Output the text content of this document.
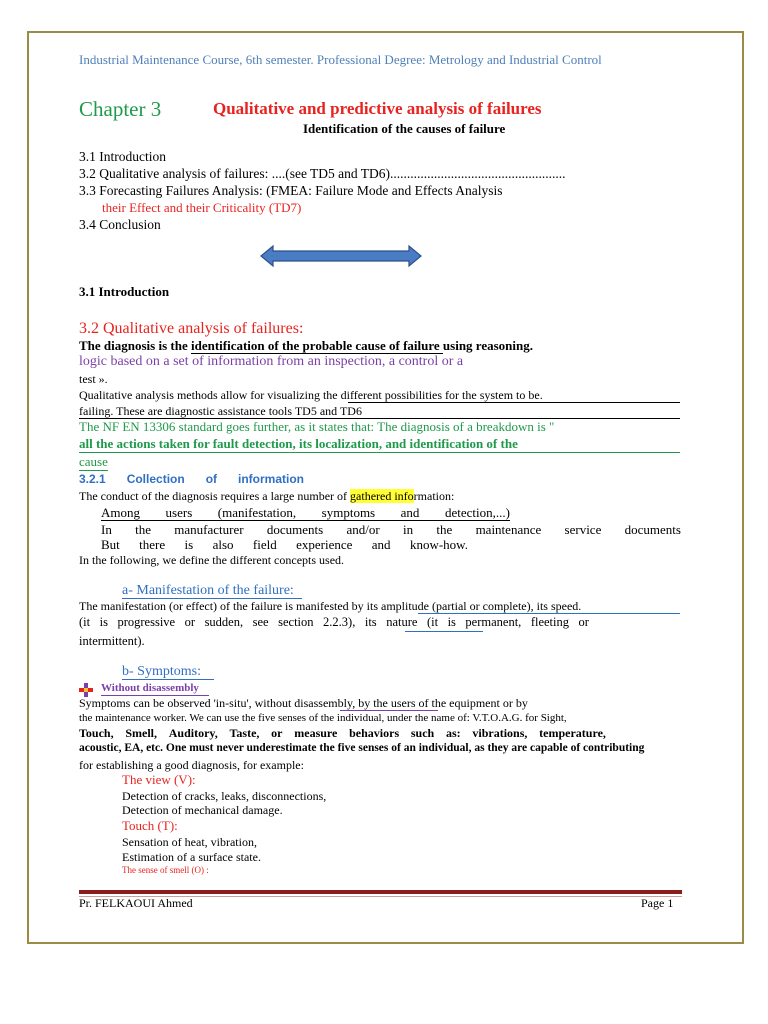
Industrial Maintenance Course, 6th semester. Professional Degree: Metrology and Industrial Control
Chapter 3	Qualitative and predictive analysis of failures
Identification of the causes of failure
3.1 Introduction
3.2 Qualitative analysis of failures: ....(see TD5 and TD6)....................................................
3.3 Forecasting Failures Analysis: (FMEA: Failure Mode and Effects Analysis
their Effect and their Criticality (TD7)
3.4 Conclusion
3.1 Introduction
3.2 Qualitative analysis of failures:
The diagnosis is the identification of the probable cause of failure using reasoning.
logic based on a set of information from an inspection, a control or a
test ».
Qualitative analysis methods allow for visualizing the different possibilities for the system to be.
failing. These are diagnostic assistance tools TD5 and TD6
The NF EN 13306 standard goes further, as it states that: The diagnosis of a breakdown is "
all the actions taken for fault detection, its localization, and identification of the
cause
3.2.1 Collection of information
The conduct of the diagnosis requires a large number of gathered information:
Among users (manifestation, symptoms and detection,...)
In the manufacturer documents and/or in the maintenance service documents
But there is also field experience and know-how.
In the following, we define the different concepts used.
a- Manifestation of the failure:
The manifestation (or effect) of the failure is manifested by its amplitude (partial or complete), its speed.
(it is progressive or sudden, see section 2.2.3), its nature (it is permanent, fleeting or
intermittent).
b- Symptoms:
Without disassembly
Symptoms can be observed 'in-situ', without disassembly, by the users of the equipment or by
the maintenance worker. We can use the five senses of the individual, under the name of: V.T.O.A.G. for Sight,
Touch, Smell, Auditory, Taste, or measure behaviors such as: vibrations, temperature,
acoustic, EA, etc. One must never underestimate the five senses of an individual, as they are capable of contributing
for establishing a good diagnosis, for example:
The view (V):
Detection of cracks, leaks, disconnections,
Detection of mechanical damage.
Touch (T):
Sensation of heat, vibration,
Estimation of a surface state.
The sense of smell (O) :
Pr. FELKAOUI Ahmed	Page 1
